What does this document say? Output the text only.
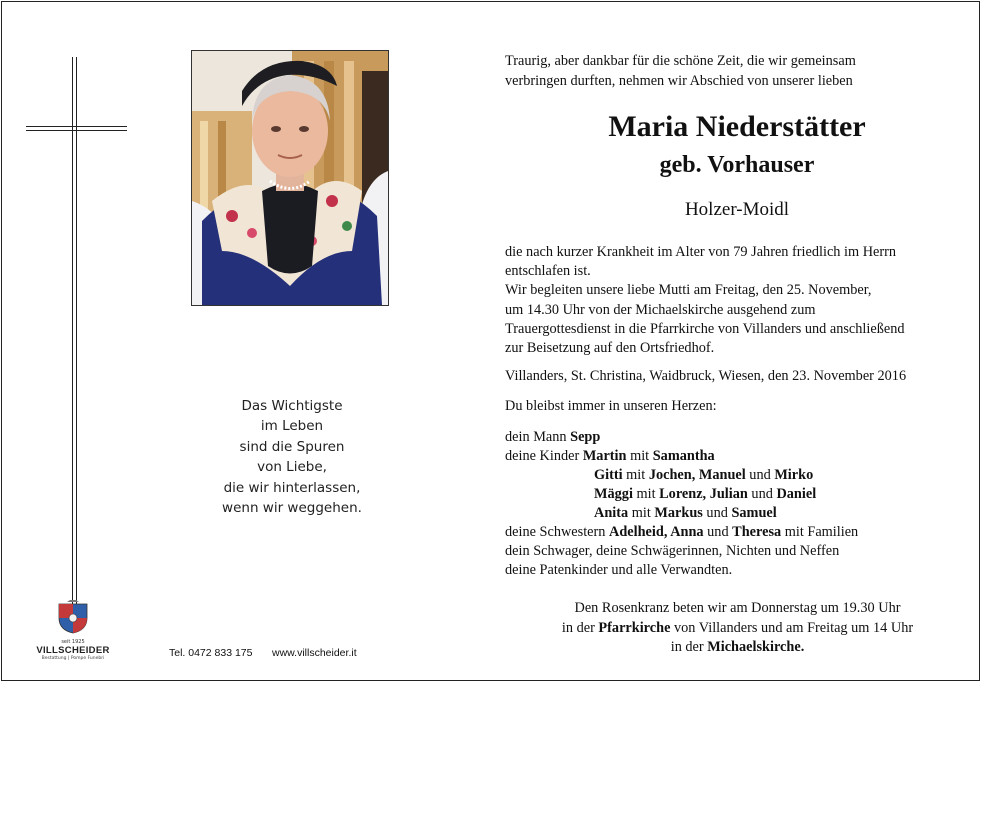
Das Wichtigste
im Leben
sind die Spuren
von Liebe,
die wir hinterlassen,
wenn wir weggehen.
seit 1925
VILLSCHEIDER
Bestattung | Pompe Funebri	Tel. 0472 833 175 www.villscheider.it
Traurig, aber dankbar für die schöne Zeit, die wir gemeinsam
verbringen durften, nehmen wir Abschied von unserer lieben
Maria Niederstätter
geb. Vorhauser
Holzer-Moidl
die nach kurzer Krankheit im Alter von 79 Jahren friedlich im Herrn
entschlafen ist.
Wir begleiten unsere liebe Mutti am Freitag, den 25. November,
um 14.30 Uhr von der Michaelskirche ausgehend zum
Trauergottesdienst in die Pfarrkirche von Villanders und anschließend
zur Beisetzung auf den Ortsfriedhof.
Villanders, St. Christina, Waidbruck, Wiesen, den 23. November 2016
Du bleibst immer in unseren Herzen:
dein Mann Sepp
deine Kinder Martin mit Samantha
Gitti mit Jochen, Manuel und Mirko
Mäggi mit Lorenz, Julian und Daniel
Anita mit Markus und Samuel
deine Schwestern Adelheid, Anna und Theresa mit Familien
dein Schwager, deine Schwägerinnen, Nichten und Neffen
deine Patenkinder und alle Verwandten.
Den Rosenkranz beten wir am Donnerstag um 19.30 Uhr
in der Pfarrkirche von Villanders und am Freitag um 14 Uhr
in der Michaelskirche.
